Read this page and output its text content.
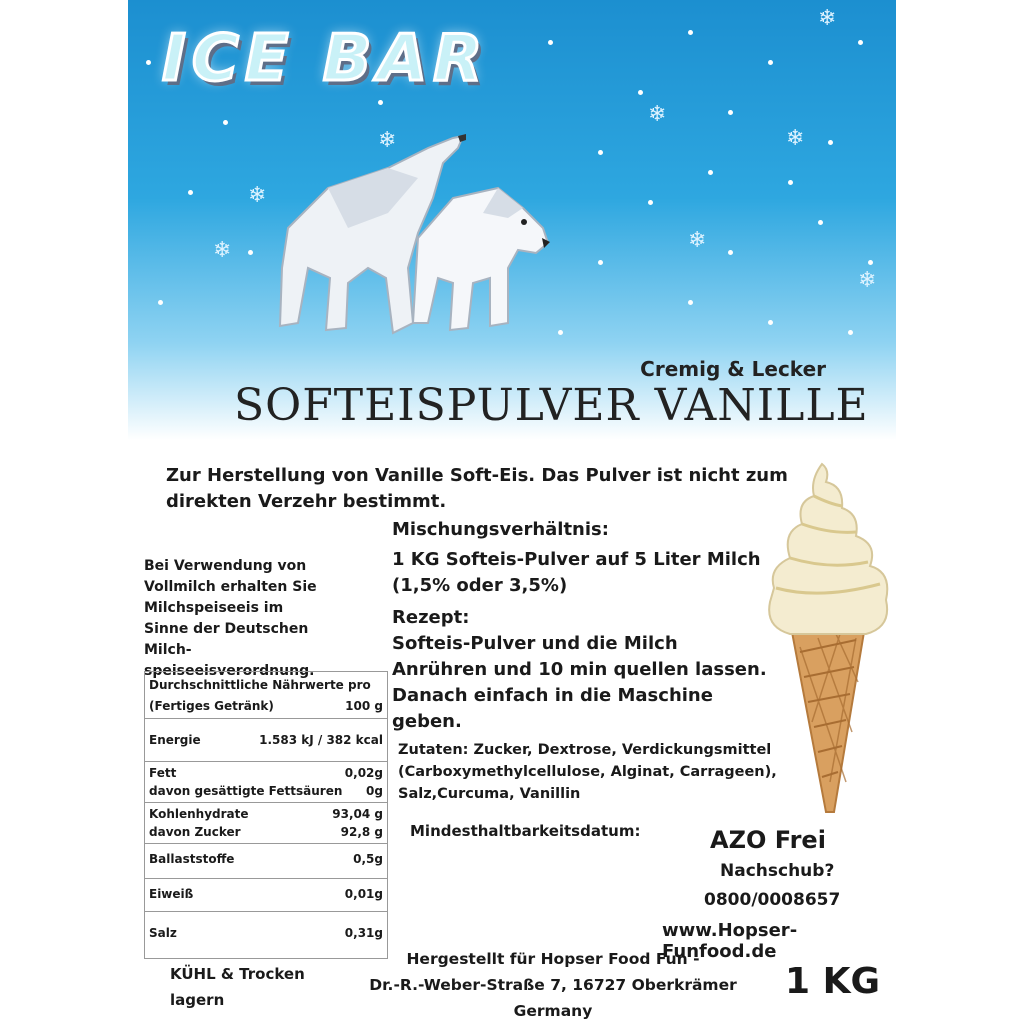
❄
❄
❄
❄
❄
❄
❄
❄
ICE BAR
Cremig & Lecker
SOFTEISPULVER VANILLE
Zur Herstellung von Vanille Soft-Eis. Das Pulver ist nicht zum direkten Verzehr bestimmt.
Mischungsverhältnis:
1 KG Softeis-Pulver auf 5 Liter Milch
(1,5% oder 3,5%)
Rezept:
Softeis-Pulver und die Milch Anrühren und 10 min quellen lassen. Danach einfach in die Maschine geben.
Bei Verwendung von Vollmilch erhalten Sie Milchspeiseeis im Sinne der Deutschen Milch-speiseeisverordnung.
Durchschnittliche Nährwerte pro
(Fertiges Getränk)	100 g
Energie	1.583 kJ / 382 kcal
Fett	0,02g
davon gesättigte Fettsäuren 0g
Kohlenhydrate	93,04 g
davon Zucker	92,8 g
Ballaststoffe	0,5g
Eiweiß	0,01g
Salz	0,31g
Zutaten: Zucker, Dextrose, Verdickungsmittel (Carboxymethylcellulose, Alginat, Carrageen), Salz,Curcuma, Vanillin
Mindesthaltbarkeitsdatum:	AZO Frei
Nachschub?
0800/0008657
www.Hopser-Funfood.de
Hergestellt für Hopser Food Fun -
Dr.-R.-Weber-Straße 7, 16727 Oberkrämer
Germany
1 KG
KÜHL & Trocken lagern
